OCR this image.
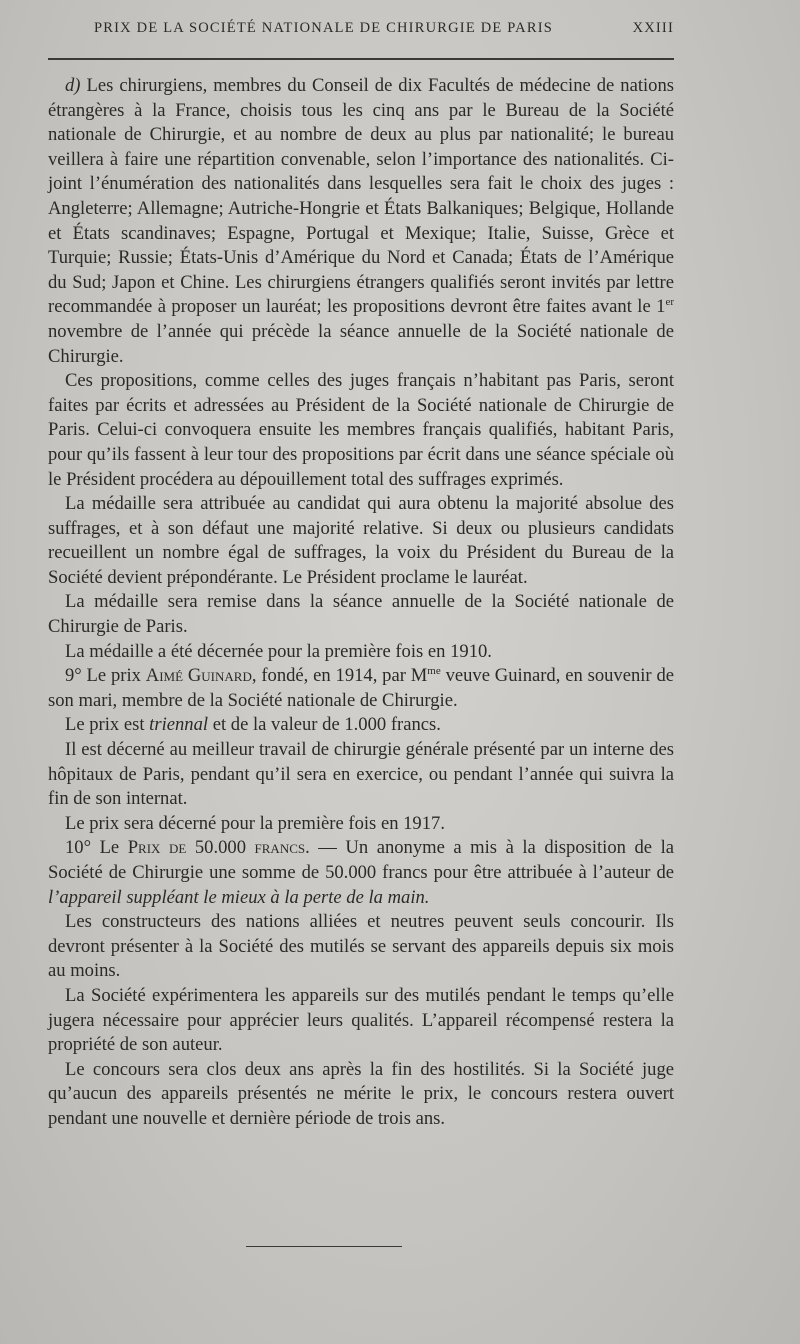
PRIX DE LA SOCIÉTÉ NATIONALE DE CHIRURGIE DE PARIS	XXIII

d) Les chirurgiens, membres du Conseil de dix Facultés de médecine de nations étrangères à la France, choisis tous les cinq ans par le Bureau de la Société nationale de Chirurgie, et au nombre de deux au plus par nationalité; le bureau veillera à faire une répartition convenable, selon l’importance des nationalités. Ci-joint l’énumération des nationalités dans lesquelles sera fait le choix des juges : Angleterre; Allemagne; Autriche-Hongrie et États Balkaniques; Belgique, Hollande et États scandinaves; Espagne, Portugal et Mexique; Italie, Suisse, Grèce et Turquie; Russie; États-Unis d’Amérique du Nord et Canada; États de l’Amérique du Sud; Japon et Chine. Les chirurgiens étrangers qualifiés seront invités par lettre recommandée à proposer un lauréat; les propositions devront être faites avant le 1er novembre de l’année qui précède la séance annuelle de la Société nationale de Chirurgie.

Ces propositions, comme celles des juges français n’habitant pas Paris, seront faites par écrits et adressées au Président de la Société nationale de Chirurgie de Paris. Celui-ci convoquera ensuite les membres français qualifiés, habitant Paris, pour qu’ils fassent à leur tour des propositions par écrit dans une séance spéciale où le Président procédera au dépouillement total des suffrages exprimés.

La médaille sera attribuée au candidat qui aura obtenu la majorité absolue des suffrages, et à son défaut une majorité relative. Si deux ou plusieurs candidats recueillent un nombre égal de suffrages, la voix du Président du Bureau de la Société devient prépondérante. Le Président proclame le lauréat.

La médaille sera remise dans la séance annuelle de la Société nationale de Chirurgie de Paris.

La médaille a été décernée pour la première fois en 1910.

9° Le prix Aimé Guinard, fondé, en 1914, par $M^{me}$ veuve Guinard, en souvenir de son mari, membre de la Société nationale de Chirurgie.

Le prix est triennal et de la valeur de 1.000 francs.

Il est décerné au meilleur travail de chirurgie générale présenté par un interne des hôpitaux de Paris, pendant qu’il sera en exercice, ou pendant l’année qui suivra la fin de son internat.

Le prix sera décerné pour la première fois en 1917.

10° Le Prix de 50.000 francs. — Un anonyme a mis à la disposition de la Société de Chirurgie une somme de 50.000 francs pour être attribuée à l’auteur de l’appareil suppléant le mieux à la perte de la main.

Les constructeurs des nations alliées et neutres peuvent seuls concourir. Ils devront présenter à la Société des mutilés se servant des appareils depuis six mois au moins.

La Société expérimentera les appareils sur des mutilés pendant le temps qu’elle jugera nécessaire pour apprécier leurs qualités. L’appareil récompensé restera la propriété de son auteur.

Le concours sera clos deux ans après la fin des hostilités. Si la Société juge qu’aucun des appareils présentés ne mérite le prix, le concours restera ouvert pendant une nouvelle et dernière période de trois ans.
